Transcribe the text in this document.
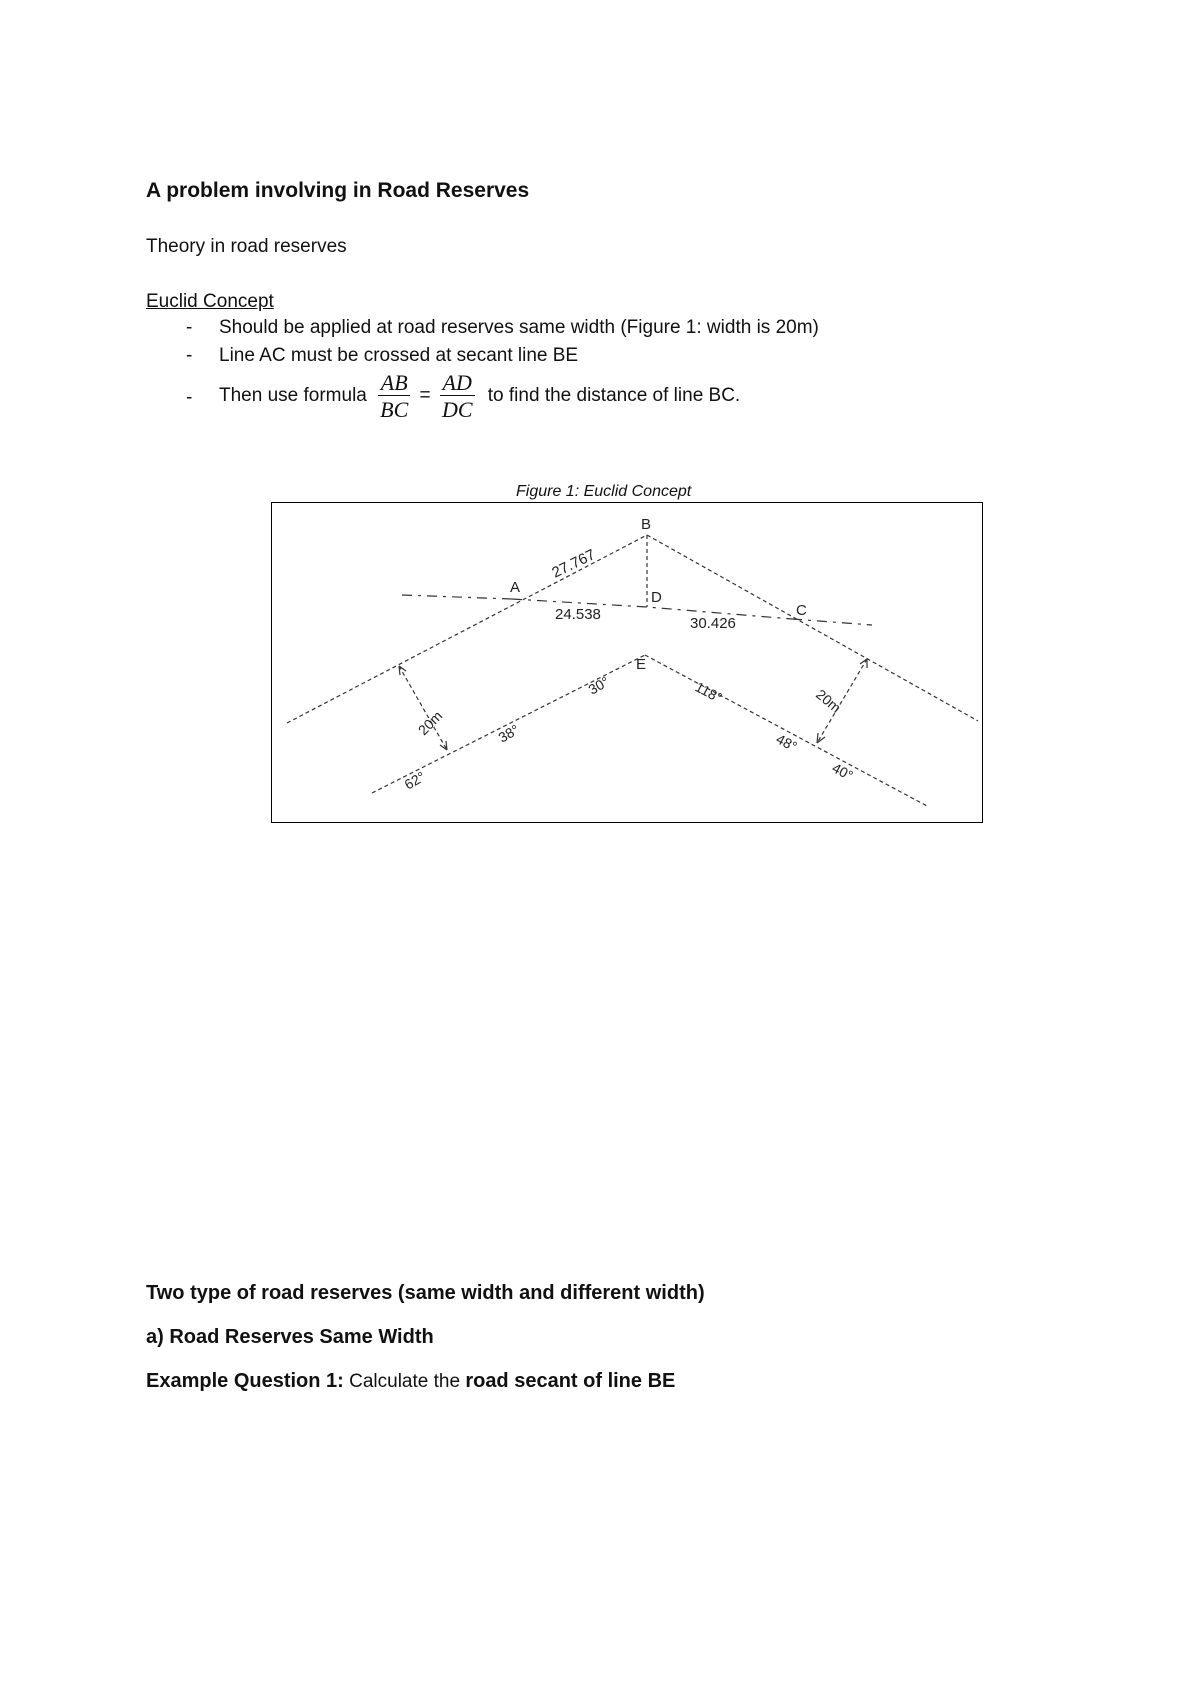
A problem involving in Road Reserves
Theory in road reserves
Euclid Concept
- Should be applied at road reserves same width (Figure 1: width is 20m)
- Line AC must be crossed at secant line BE
- Then use formula $\frac{AB}{BC} = \frac{AD}{DC}$ to find the distance of line BC.
Figure 1: Euclid Concept
B
A
D
C
E
27.767
24.538
30.426
20m
20m
30°
38°
62°
118°
48°
40°
Two type of road reserves (same width and different width)
a) Road Reserves Same Width
Example Question 1: Calculate the road secant of line BE
